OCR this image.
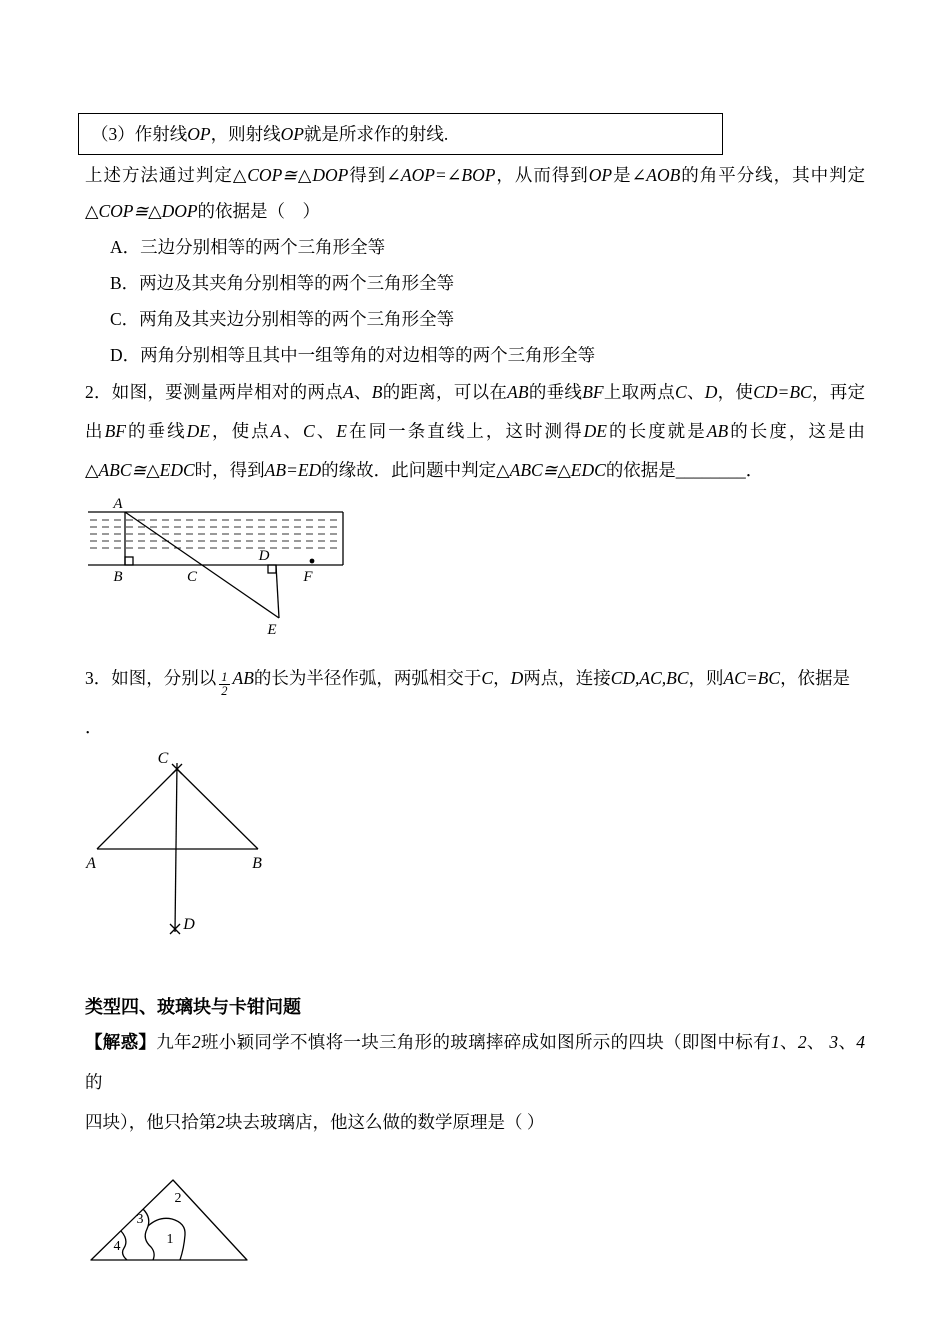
（3）作射线OP，则射线OP就是所求作的射线.
上述方法通过判定△COP≅△DOP得到∠AOP=∠BOP，从而得到OP是∠AOB的角平分线，其中判定
△COP≅△DOP的依据是（　）
A．三边分别相等的两个三角形全等
B．两边及其夹角分别相等的两个三角形全等
C．两角及其夹边分别相等的两个三角形全等
D．两角分别相等且其中一组等角的对边相等的两个三角形全等
2．如图，要测量两岸相对的两点A、B的距离，可以在AB的垂线BF上取两点C、D，使CD=BC，再定
出BF的垂线DE，使点A、C、E在同一条直线上，这时测得DE的长度就是AB的长度，这是由
△ABC≅△EDC时，得到AB=ED的缘故．此问题中判定△ABC≅△EDC的依据是________．
A
B	C
D
E
F
3．如图，分别以 $\frac{1}{2}$ AB的长为半径作弧，两弧相交于C，D两点，连接CD,AC,BC，则AC=BC，依据是
．
C
A	B
D
类型四、玻璃块与卡钳问题
【解惑】九年2班小颖同学不慎将一块三角形的玻璃摔碎成如图所示的四块（即图中标有1、2、 3、4的
四块），他只拾第2块去玻璃店，他这么做的数学原理是（ ）
4
3
2
1
